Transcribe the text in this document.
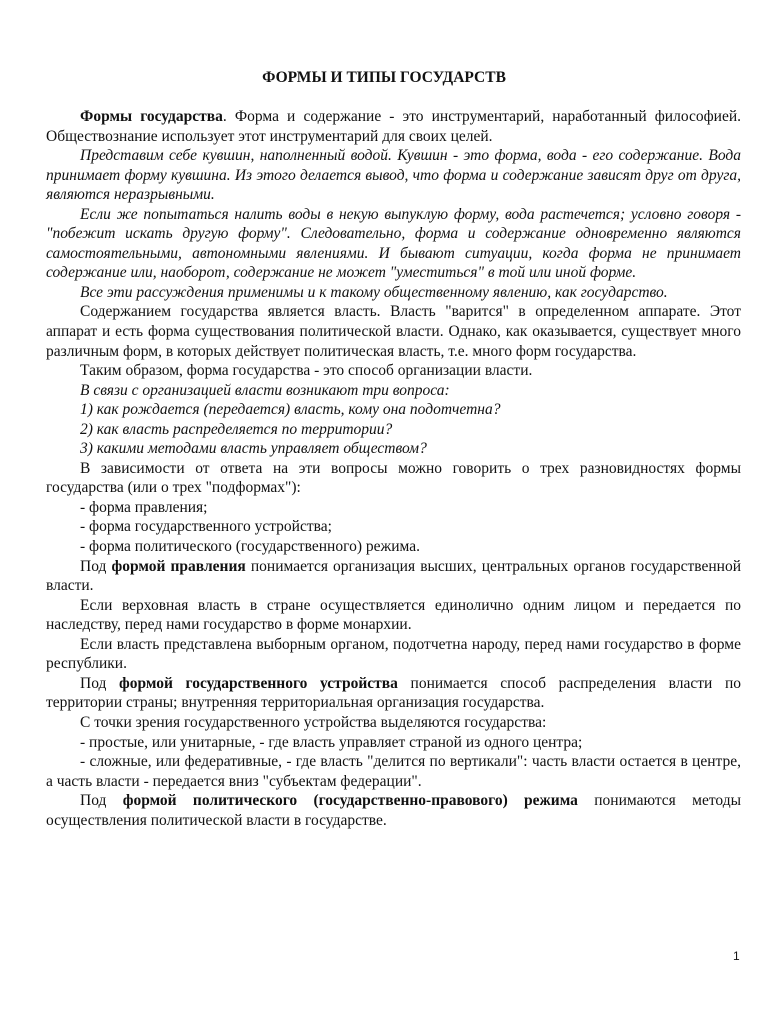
ФОРМЫ И ТИПЫ ГОСУДАРСТВ

Формы государства. Форма и содержание - это инструментарий, наработанный философией. Обществознание использует этот инструментарий для своих целей.

Представим себе кувшин, наполненный водой. Кувшин - это форма, вода - его содержание. Вода принимает форму кувшина. Из этого делается вывод, что форма и содержание зависят друг от друга, являются неразрывными.

Если же попытаться налить воды в некую выпуклую форму, вода растечется; условно говоря - "побежит искать другую форму". Следовательно, форма и содержание одновременно являются самостоятельными, автономными явлениями. И бывают ситуации, когда форма не принимает содержание или, наоборот, содержание не может "уместиться" в той или иной форме.

Все эти рассуждения применимы и к такому общественному явлению, как государство.

Содержанием государства является власть. Власть "варится" в определенном аппарате. Этот аппарат и есть форма существования политической власти. Однако, как оказывается, существует много различным форм, в которых действует политическая власть, т.е. много форм государства.

Таким образом, форма государства - это способ организации власти.

В связи с организацией власти возникают три вопроса:

1) как рождается (передается) власть, кому она подотчетна?

2) как власть распределяется по территории?

3) какими методами власть управляет обществом?

В зависимости от ответа на эти вопросы можно говорить о трех разновидностях формы государства (или о трех "подформах"):

- форма правления;

- форма государственного устройства;

- форма политического (государственного) режима.

Под формой правления понимается организация высших, центральных органов государственной власти.

Если верховная власть в стране осуществляется единолично одним лицом и передается по наследству, перед нами государство в форме монархии.

Если власть представлена выборным органом, подотчетна народу, перед нами государство в форме республики.

Под формой государственного устройства понимается способ распределения власти по территории страны; внутренняя территориальная организация государства.

С точки зрения государственного устройства выделяются государства:

- простые, или унитарные, - где власть управляет страной из одного центра;

- сложные, или федеративные, - где власть "делится по вертикали": часть власти остается в центре, а часть власти - передается вниз "субъектам федерации".

Под формой политического (государственно-правового) режима понимаются методы осуществления политической власти в государстве.

1
